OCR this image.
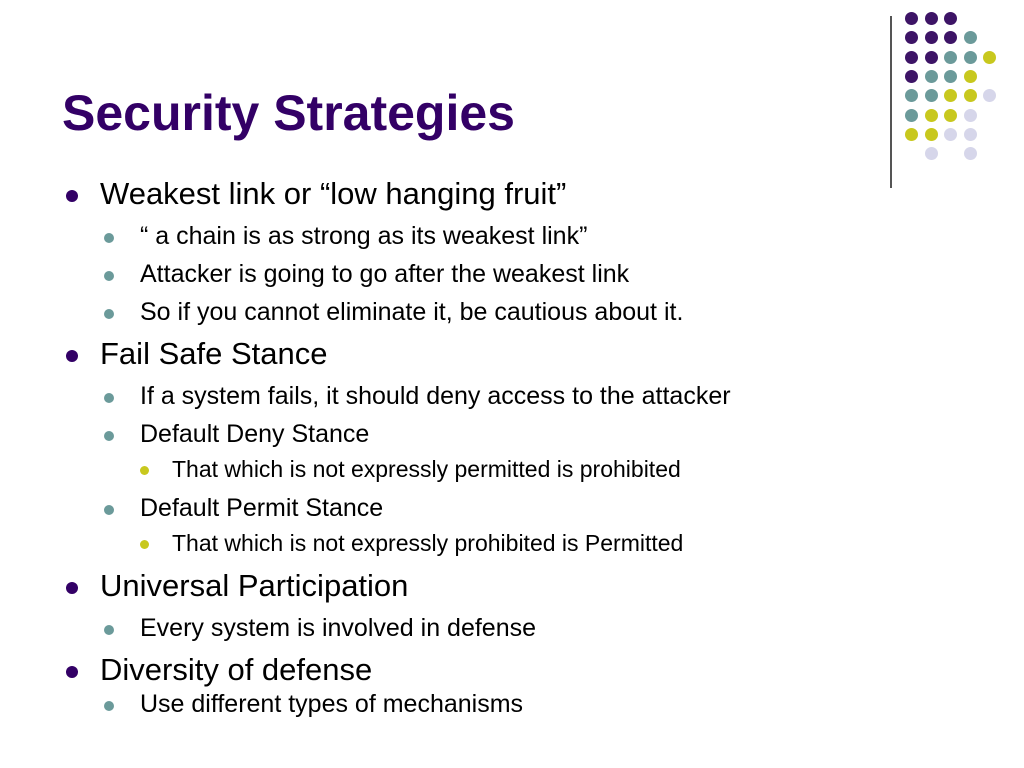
Security Strategies
Weakest link or “low hanging fruit”
“ a chain is as strong as its weakest link”
Attacker is going to go after the weakest link
So if you cannot eliminate it, be cautious about it.
Fail Safe Stance
If a system fails, it should deny access to the attacker
Default Deny Stance
That which is not expressly permitted is prohibited
Default Permit Stance
That which is not expressly prohibited is Permitted
Universal Participation
Every system is involved in defense
Diversity of defense
Use different types of mechanisms
